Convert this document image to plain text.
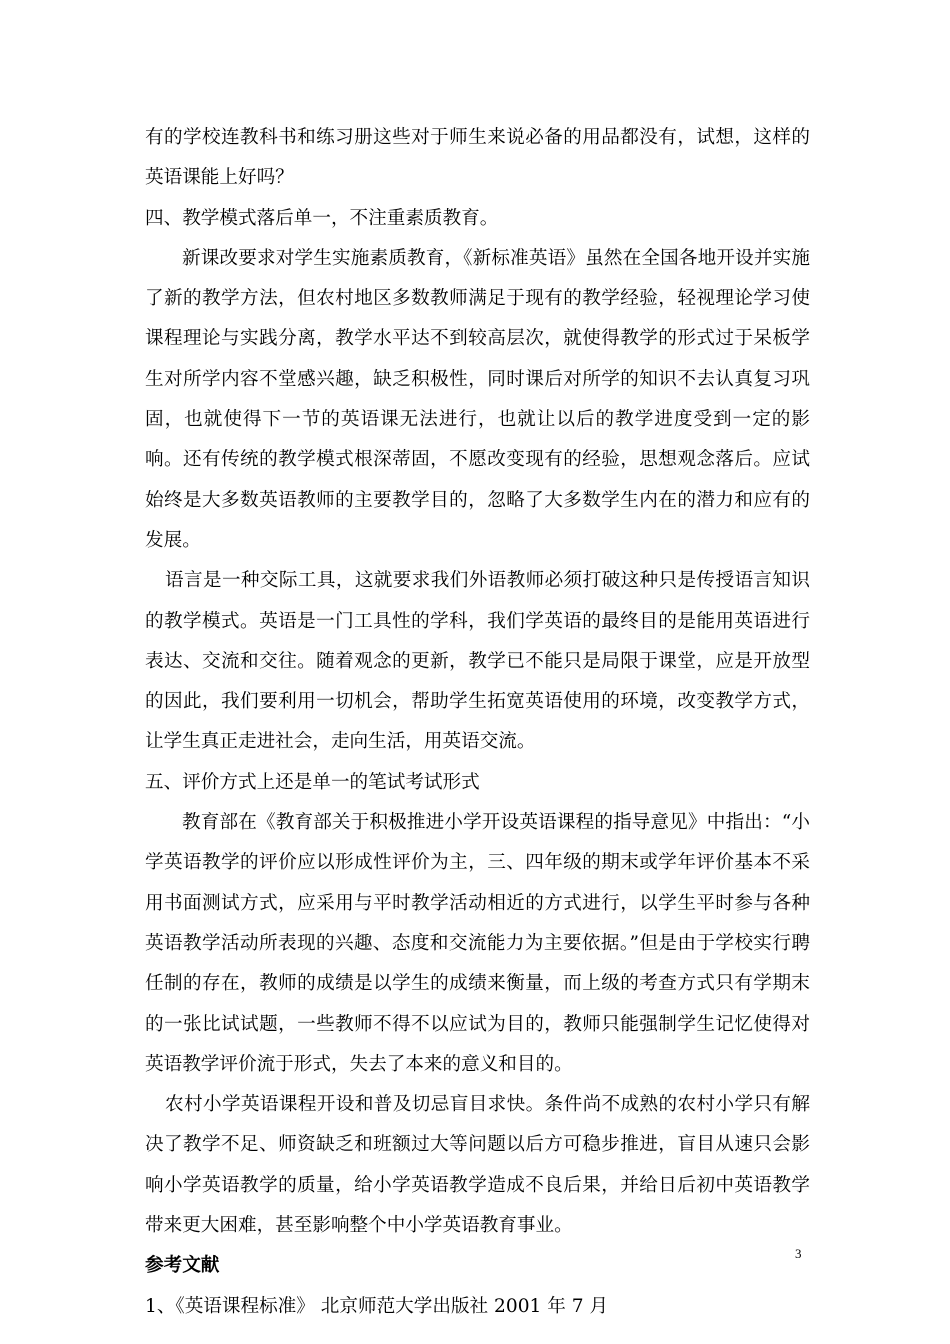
有的学校连教科书和练习册这些对于师生来说必备的用品都没有，试想，这样的英语课能上好吗？

四、教学模式落后单一，不注重素质教育。

新课改要求对学生实施素质教育，《新标准英语》虽然在全国各地开设并实施了新的教学方法，但农村地区多数教师满足于现有的教学经验，轻视理论学习使课程理论与实践分离，教学水平达不到较高层次，就使得教学的形式过于呆板学生对所学内容不堂感兴趣，缺乏积极性，同时课后对所学的知识不去认真复习巩固，也就使得下一节的英语课无法进行，也就让以后的教学进度受到一定的影响。还有传统的教学模式根深蒂固，不愿改变现有的经验，思想观念落后。应试始终是大多数英语教师的主要教学目的，忽略了大多数学生内在的潜力和应有的发展。

语言是一种交际工具，这就要求我们外语教师必须打破这种只是传授语言知识的教学模式。英语是一门工具性的学科，我们学英语的最终目的是能用英语进行表达、交流和交往。随着观念的更新，教学已不能只是局限于课堂，应是开放型的因此，我们要利用一切机会，帮助学生拓宽英语使用的环境，改变教学方式，让学生真正走进社会，走向生活，用英语交流。

五、评价方式上还是单一的笔试考试形式

教育部在《教育部关于积极推进小学开设英语课程的指导意见》中指出：“小学英语教学的评价应以形成性评价为主，三、四年级的期末或学年评价基本不采用书面测试方式，应采用与平时教学活动相近的方式进行，以学生平时参与各种英语教学活动所表现的兴趣、态度和交流能力为主要依据。”但是由于学校实行聘任制的存在，教师的成绩是以学生的成绩来衡量，而上级的考查方式只有学期末的一张比试试题，一些教师不得不以应试为目的，教师只能强制学生记忆使得对英语教学评价流于形式，失去了本来的意义和目的。

农村小学英语课程开设和普及切忌盲目求快。条件尚不成熟的农村小学只有解决了教学不足、师资缺乏和班额过大等问题以后方可稳步推进，盲目从速只会影响小学英语教学的质量，给小学英语教学造成不良后果，并给日后初中英语教学带来更大困难，甚至影响整个中小学英语教育事业。

参考文献

1、《英语课程标准》 北京师范大学出版社 2001 年 7 月

3
